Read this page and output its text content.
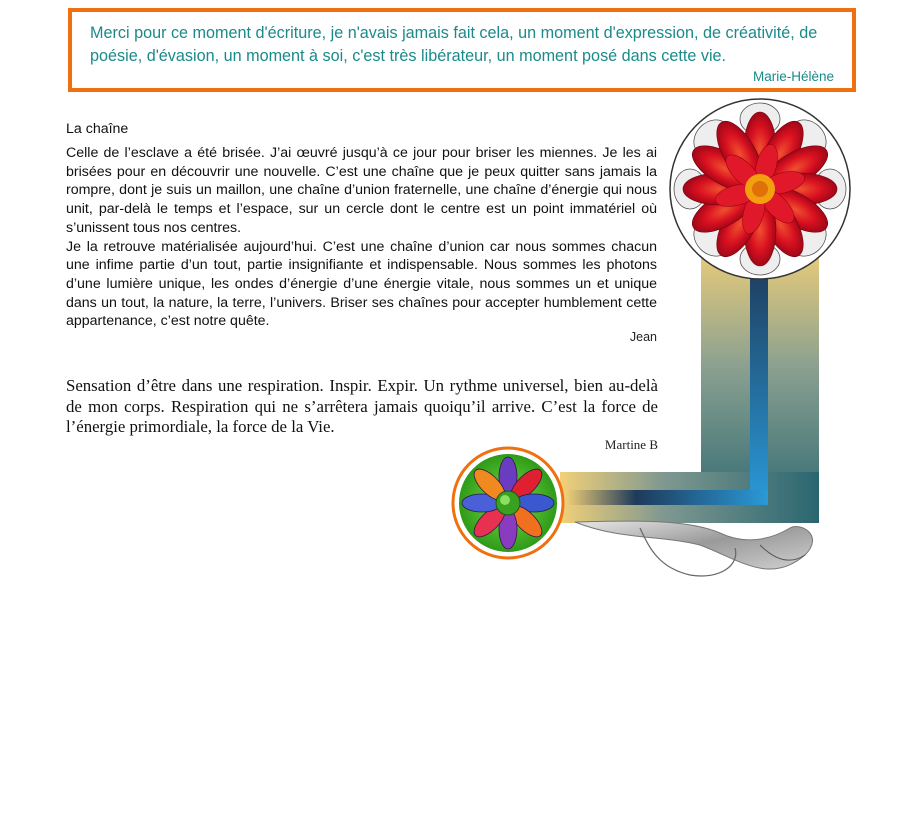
Merci pour ce moment d'écriture, je n'avais jamais fait cela, un moment d'expression, de créativité, de poésie, d'évasion, un moment à soi, c'est très libérateur, un moment posé dans cette vie.

Marie-Hélène
La chaîne

Celle de l’esclave a été brisée. J’ai œuvré jusqu’à ce jour pour briser les miennes. Je les ai brisées pour en découvrir une nouvelle. C’est une chaîne que je peux quitter sans jamais la rompre, dont je suis un maillon, une chaîne d’union fraternelle, une chaîne d’énergie qui nous unit, par-delà le temps et l’espace, sur un cercle dont le centre est un point immatériel où s’unissent tous nos centres.

Je la retrouve matérialisée aujourd’hui. C’est une chaîne d’union car nous sommes chacun une infime partie d’un tout, partie insignifiante et indispensable. Nous sommes les photons d’une lumière unique, les ondes d’énergie d’une énergie vitale, nous sommes un et unique dans un tout, la nature, la terre, l’univers. Briser ses chaînes pour accepter humblement cette appartenance, c’est notre quête.

Jean

Sensation d’être dans une respiration. Inspir. Expir. Un rythme universel, bien au-delà de mon corps. Respiration qui ne s’arrêtera jamais quoiqu’il arrive. C’est la force de l’énergie primordiale, la force de la Vie.

Martine B
